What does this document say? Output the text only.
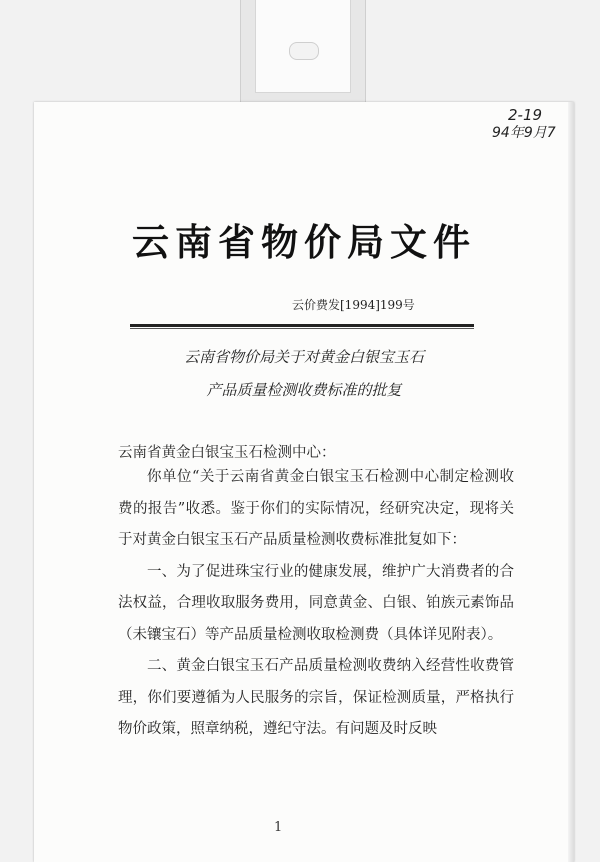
2-19
94年9月7
云南省物价局文件
云价费发[1994]199号
云南省物价局关于对黄金白银宝玉石
产品质量检测收费标准的批复
云南省黄金白银宝玉石检测中心：

你单位“关于云南省黄金白银宝玉石检测中心制定检测收费的报告”收悉。鉴于你们的实际情况，经研究决定，现将关于对黄金白银宝玉石产品质量检测收费标准批复如下：

一、为了促进珠宝行业的健康发展，维护广大消费者的合法权益，合理收取服务费用，同意黄金、白银、铂族元素饰品（未镶宝石）等产品质量检测收取检测费（具体详见附表）。

二、黄金白银宝玉石产品质量检测收费纳入经营性收费管理，你们要遵循为人民服务的宗旨，保证检测质量，严格执行物价政策，照章纳税，遵纪守法。有问题及时反映

1
